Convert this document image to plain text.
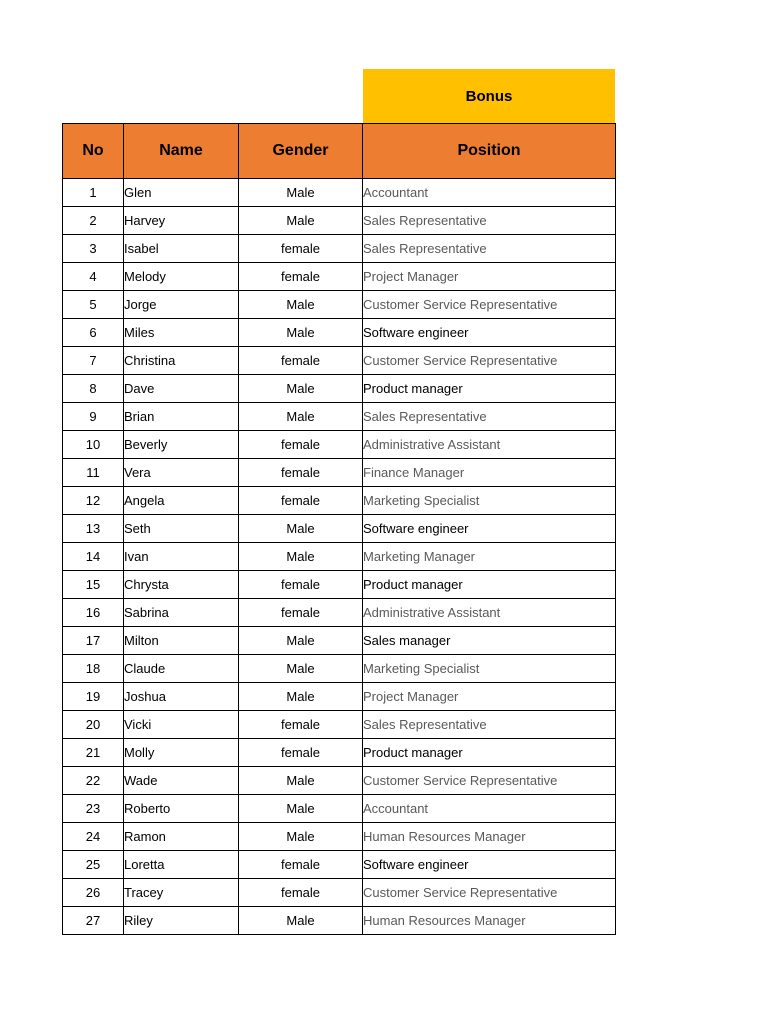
Bonus
No	Name	Gender	Position
1	Glen	Male	Accountant
2	Harvey	Male	Sales Representative
3	Isabel	female	Sales Representative
4	Melody	female	Project Manager
5	Jorge	Male	Customer Service Representative
6	Miles	Male	Software engineer
7	Christina	female	Customer Service Representative
8	Dave	Male	Product manager
9	Brian	Male	Sales Representative
10	Beverly	female	Administrative Assistant
11	Vera	female	Finance Manager
12	Angela	female	Marketing Specialist
13	Seth	Male	Software engineer
14	Ivan	Male	Marketing Manager
15	Chrysta	female	Product manager
16	Sabrina	female	Administrative Assistant
17	Milton	Male	Sales manager
18	Claude	Male	Marketing Specialist
19	Joshua	Male	Project Manager
20	Vicki	female	Sales Representative
21	Molly	female	Product manager
22	Wade	Male	Customer Service Representative
23	Roberto	Male	Accountant
24	Ramon	Male	Human Resources Manager
25	Loretta	female	Software engineer
26	Tracey	female	Customer Service Representative
27	Riley	Male	Human Resources Manager
